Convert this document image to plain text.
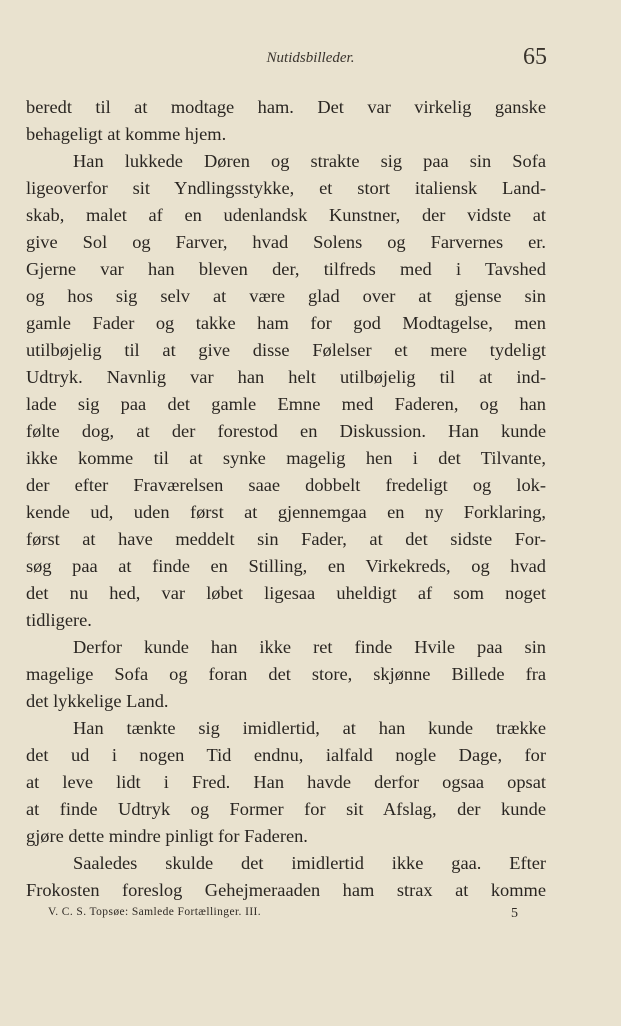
Nutidsbilleder.	65
beredt til at modtage ham. Det var virkelig ganske
behageligt at komme hjem.
Han lukkede Døren og strakte sig paa sin Sofa
ligeoverfor sit Yndlingsstykke, et stort italiensk Land-
skab, malet af en udenlandsk Kunstner, der vidste at
give Sol og Farver, hvad Solens og Farvernes er.
Gjerne var han bleven der, tilfreds med i Tavshed
og hos sig selv at være glad over at gjense sin
gamle Fader og takke ham for god Modtagelse, men
utilbøjelig til at give disse Følelser et mere tydeligt
Udtryk. Navnlig var han helt utilbøjelig til at ind-
lade sig paa det gamle Emne med Faderen, og han
følte dog, at der forestod en Diskussion. Han kunde
ikke komme til at synke magelig hen i det Tilvante,
der efter Fraværelsen saae dobbelt fredeligt og lok-
kende ud, uden først at gjennemgaa en ny Forklaring,
først at have meddelt sin Fader, at det sidste For-
søg paa at finde en Stilling, en Virkekreds, og hvad
det nu hed, var løbet ligesaa uheldigt af som noget
tidligere.
Derfor kunde han ikke ret finde Hvile paa sin
magelige Sofa og foran det store, skjønne Billede fra
det lykkelige Land.
Han tænkte sig imidlertid, at han kunde trække
det ud i nogen Tid endnu, ialfald nogle Dage, for
at leve lidt i Fred. Han havde derfor ogsaa opsat
at finde Udtryk og Former for sit Afslag, der kunde
gjøre dette mindre pinligt for Faderen.
Saaledes skulde det imidlertid ikke gaa. Efter
Frokosten foreslog Gehejmeraaden ham strax at komme
V. C. S. Topsøe: Samlede Fortællinger. III.	5
